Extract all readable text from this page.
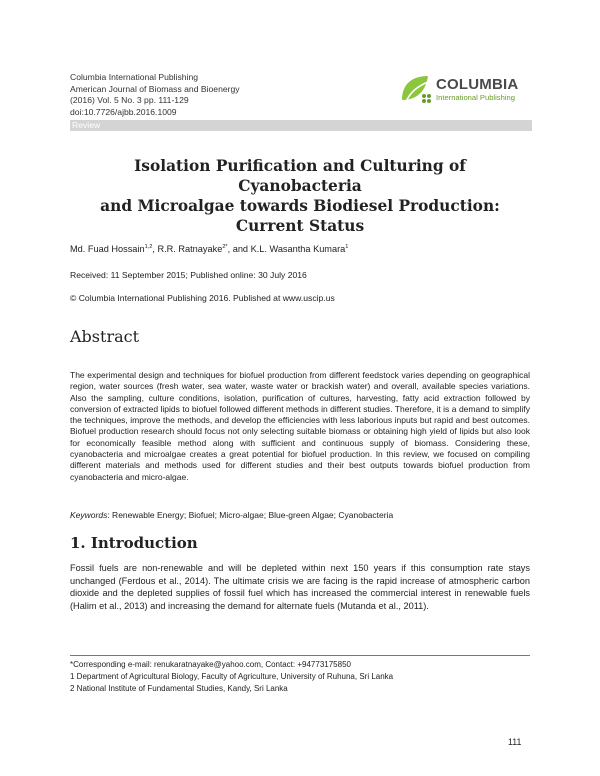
Columbia International Publishing
American Journal of Biomass and Bioenergy
(2016) Vol. 5 No. 3 pp. 111-129
doi:10.7726/ajbb.2016.1009
Review
COLUMBIA
International Publishing
Isolation Purification and Culturing of Cyanobacteria
and Microalgae towards Biodiesel Production:
Current Status
Md. Fuad Hossain$^{1,2}$, R.R. Ratnayake$^{2*}$, and K.L. Wasantha Kumara$^1$
Received: 11 September 2015; Published online: 30 July 2016
© Columbia International Publishing 2016. Published at www.uscip.us
Abstract

The experimental design and techniques for biofuel production from different feedstock varies depending on geographical region, water sources (fresh water, sea water, waste water or brackish water) and overall, available species variations. Also the sampling, culture conditions, isolation, purification of cultures, harvesting, fatty acid extraction followed by conversion of extracted lipids to biofuel followed different methods in different studies. Therefore, it is a demand to simplify the techniques, improve the methods, and develop the efficiencies with less laborious inputs but rapid and best outcomes. Biofuel production research should focus not only selecting suitable biomass or obtaining high yield of lipids but also look for economically feasible method along with sufficient and continuous supply of biomass. Considering these, cyanobacteria and microalgae creates a great potential for biofuel production. In this review, we focused on compiling different materials and methods used for different studies and their best outputs towards biofuel production from cyanobacteria and micro-algae.

Keywords: Renewable Energy; Biofuel; Micro-algae; Blue-green Algae; Cyanobacteria
1. Introduction

Fossil fuels are non-renewable and will be depleted within next 150 years if this consumption rate stays unchanged (Ferdous et al., 2014). The ultimate crisis we are facing is the rapid increase of atmospheric carbon dioxide and the depleted supplies of fossil fuel which has increased the commercial interest in renewable fuels (Halim et al., 2013) and increasing the demand for alternate fuels (Mutanda et al., 2011).

*Corresponding e-mail: renukaratnayake@yahoo.com, Contact: +94773175850
1 Department of Agricultural Biology, Faculty of Agriculture, University of Ruhuna, Sri Lanka
2 National Institute of Fundamental Studies, Kandy, Sri Lanka
111
